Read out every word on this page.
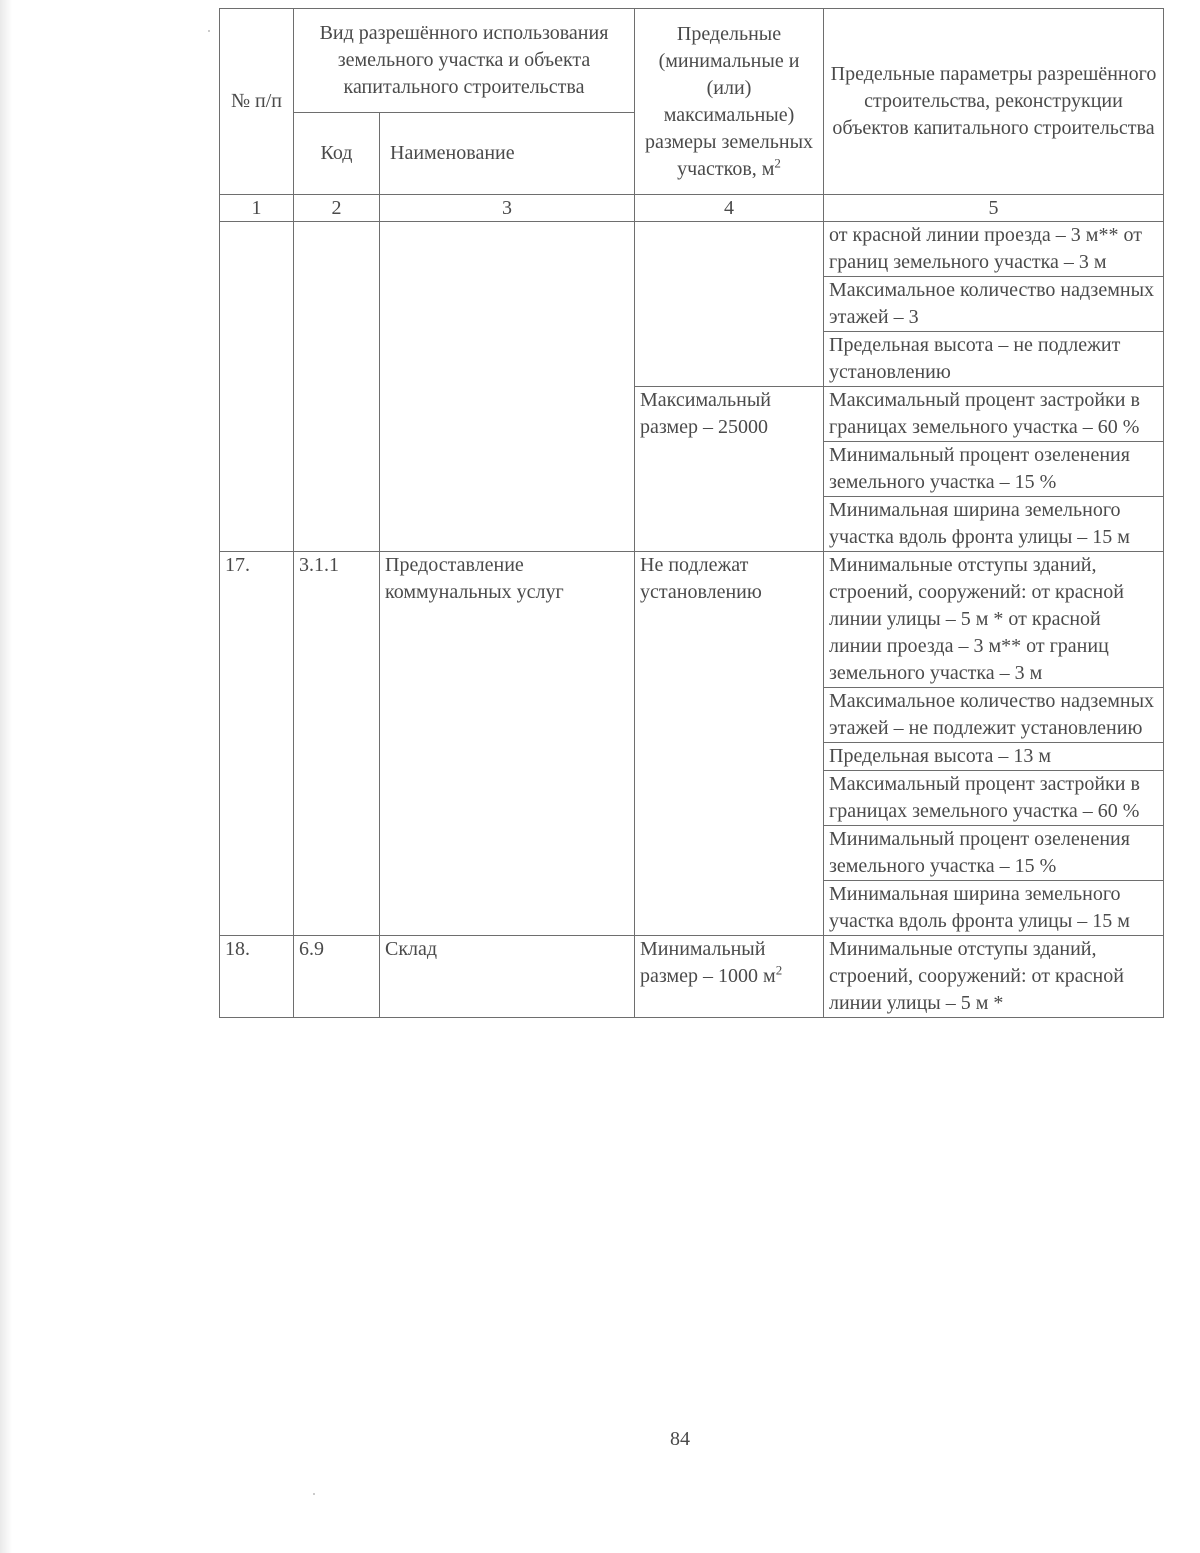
№ п/п	Вид разрешённого использования земельного участка и объекта капитального строительства		Предельные (минимальные и (или) максимальные) размеры земельных участков, $м^2$	Предельные параметры разрешённого строительства, реконструкции объектов капитального строительства
	Код	Наименование		
1	2	3	4	5
				от красной линии проезда – 3 м** от границ земельного участка – 3 м
				Максимальное количество надземных этажей – 3
				Предельная высота – не подлежит установлению
			Максимальный размер – 25000	Максимальный процент застройки в границах земельного участка – 60 %
				Минимальный процент озеленения земельного участка – 15 %
				Минимальная ширина земельного участка вдоль фронта улицы – 15 м
17.	3.1.1	Предоставление коммунальных услуг	Не подлежат установлению	Минимальные отступы зданий, строений, сооружений: от красной линии улицы – 5 м * от красной линии проезда – 3 м** от границ земельного участка – 3 м
				Максимальное количество надземных этажей – не подлежит установлению
				Предельная высота – 13 м
				Максимальный процент застройки в границах земельного участка – 60 %
				Минимальный процент озеленения земельного участка – 15 %
				Минимальная ширина земельного участка вдоль фронта улицы – 15 м
18.	6.9	Склад	Минимальный размер – 1000 $м^2$	Минимальные отступы зданий, строений, сооружений: от красной линии улицы – 5 м *
84
